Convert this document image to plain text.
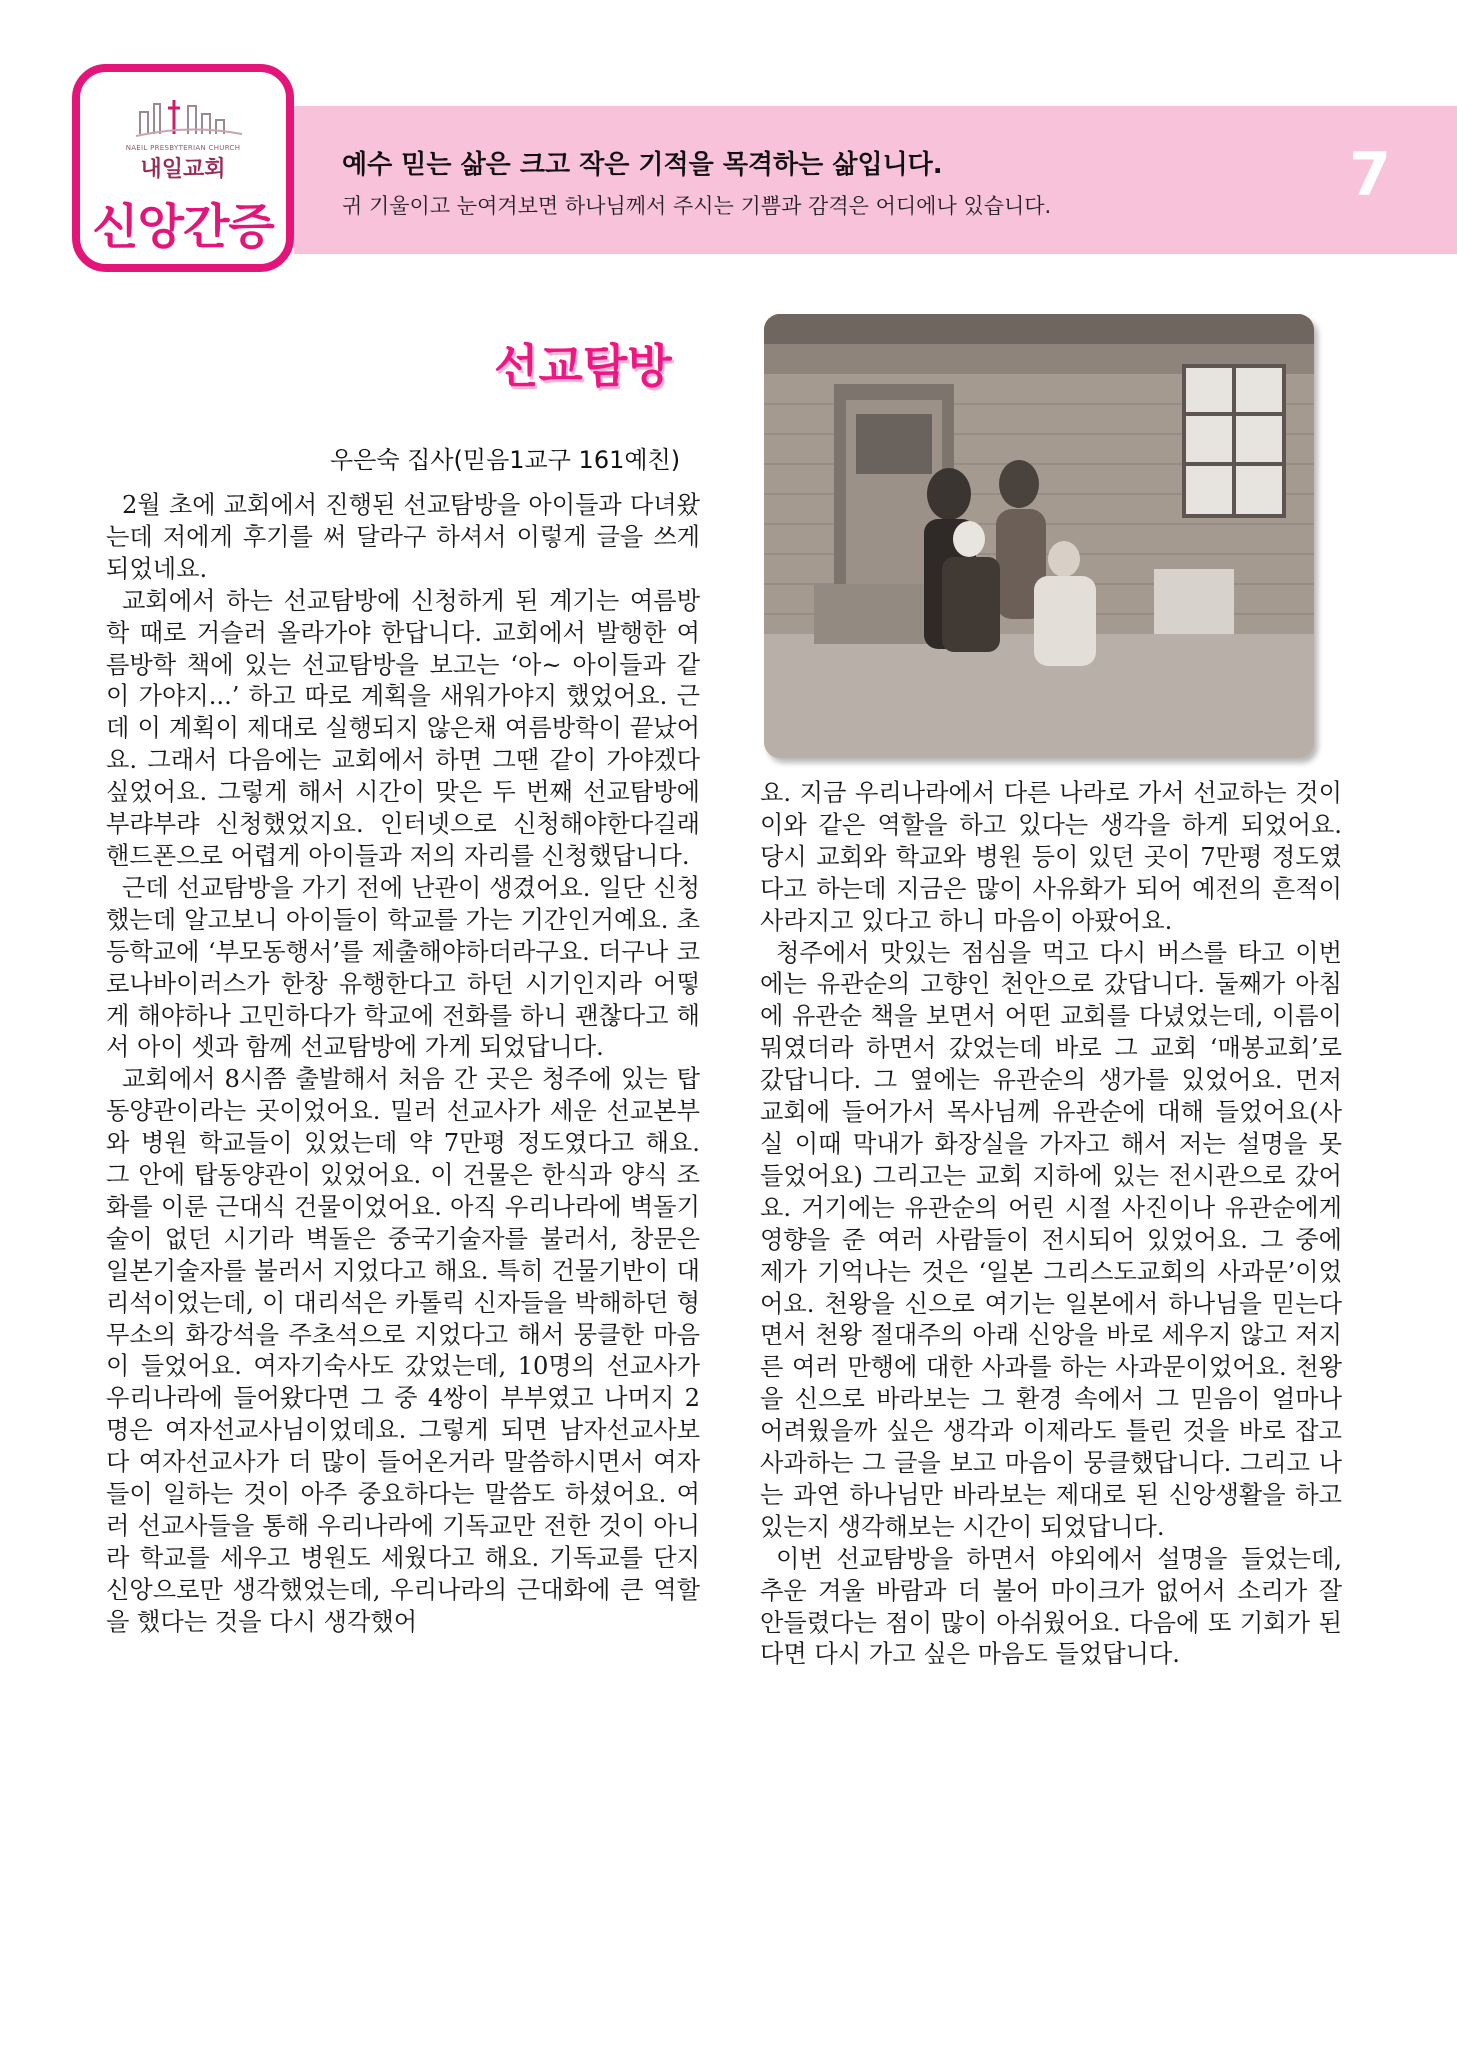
NAEIL PRESBYTERIAN CHURCH
내일교회
신앙간증
예수 믿는 삶은 크고 작은 기적을 목격하는 삶입니다.
귀 기울이고 눈여겨보면 하나님께서 주시는 기쁨과 감격은 어디에나 있습니다.	7
선교탐방
우은숙 집사(믿음1교구 161예친)

2월 초에 교회에서 진행된 선교탐방을 아이들과 다녀왔는데 저에게 후기를 써 달라구 하셔서 이렇게 글을 쓰게 되었네요.

교회에서 하는 선교탐방에 신청하게 된 계기는 여름방학 때로 거슬러 올라가야 한답니다. 교회에서 발행한 여름방학 책에 있는 선교탐방을 보고는 ‘아~ 아이들과 같이 가야지...’ 하고 따로 계획을 새워가야지 했었어요. 근데 이 계획이 제대로 실행되지 않은채 여름방학이 끝났어요. 그래서 다음에는 교회에서 하면 그땐 같이 가야겠다 싶었어요. 그렇게 해서 시간이 맞은 두 번째 선교탐방에 부랴부랴 신청했었지요. 인터넷으로 신청해야한다길래 핸드폰으로 어렵게 아이들과 저의 자리를 신청했답니다.

근데 선교탐방을 가기 전에 난관이 생겼어요. 일단 신청했는데 알고보니 아이들이 학교를 가는 기간인거예요. 초등학교에 ‘부모동행서’를 제출해야하더라구요. 더구나 코로나바이러스가 한창 유행한다고 하던 시기인지라 어떻게 해야하나 고민하다가 학교에 전화를 하니 괜찮다고 해서 아이 셋과 함께 선교탐방에 가게 되었답니다.

교회에서 8시쯤 출발해서 처음 간 곳은 청주에 있는 탑동양관이라는 곳이었어요. 밀러 선교사가 세운 선교본부와 병원 학교들이 있었는데 약 7만평 정도였다고 해요. 그 안에 탑동양관이 있었어요. 이 건물은 한식과 양식 조화를 이룬 근대식 건물이었어요. 아직 우리나라에 벽돌기술이 없던 시기라 벽돌은 중국기술자를 불러서, 창문은 일본기술자를 불러서 지었다고 해요. 특히 건물기반이 대리석이었는데, 이 대리석은 카톨릭 신자들을 박해하던 형무소의 화강석을 주초석으로 지었다고 해서 뭉클한 마음이 들었어요. 여자기숙사도 갔었는데, 10명의 선교사가 우리나라에 들어왔다면 그 중 4쌍이 부부였고 나머지 2명은 여자선교사님이었데요. 그렇게 되면 남자선교사보다 여자선교사가 더 많이 들어온거라 말씀하시면서 여자들이 일하는 것이 아주 중요하다는 말씀도 하셨어요. 여러 선교사들을 통해 우리나라에 기독교만 전한 것이 아니라 학교를 세우고 병원도 세웠다고 해요. 기독교를 단지 신앙으로만 생각했었는데, 우리나라의 근대화에 큰 역할을 했다는 것을 다시 생각했어

요. 지금 우리나라에서 다른 나라로 가서 선교하는 것이 이와 같은 역할을 하고 있다는 생각을 하게 되었어요. 당시 교회와 학교와 병원 등이 있던 곳이 7만평 정도였다고 하는데 지금은 많이 사유화가 되어 예전의 흔적이 사라지고 있다고 하니 마음이 아팠어요.

청주에서 맛있는 점심을 먹고 다시 버스를 타고 이번에는 유관순의 고향인 천안으로 갔답니다. 둘째가 아침에 유관순 책을 보면서 어떤 교회를 다녔었는데, 이름이 뭐였더라 하면서 갔었는데 바로 그 교회 ‘매봉교회’로 갔답니다. 그 옆에는 유관순의 생가를 있었어요. 먼저 교회에 들어가서 목사님께 유관순에 대해 들었어요(사실 이때 막내가 화장실을 가자고 해서 저는 설명을 못 들었어요) 그리고는 교회 지하에 있는 전시관으로 갔어요. 거기에는 유관순의 어린 시절 사진이나 유관순에게 영향을 준 여러 사람들이 전시되어 있었어요. 그 중에 제가 기억나는 것은 ‘일본 그리스도교회의 사과문’이었어요. 천왕을 신으로 여기는 일본에서 하나님을 믿는다면서 천왕 절대주의 아래 신앙을 바로 세우지 않고 저지른 여러 만행에 대한 사과를 하는 사과문이었어요. 천왕을 신으로 바라보는 그 환경 속에서 그 믿음이 얼마나 어려웠을까 싶은 생각과 이제라도 틀린 것을 바로 잡고 사과하는 그 글을 보고 마음이 뭉클했답니다. 그리고 나는 과연 하나님만 바라보는 제대로 된 신앙생활을 하고 있는지 생각해보는 시간이 되었답니다.

이번 선교탐방을 하면서 야외에서 설명을 들었는데, 추운 겨울 바람과 더 불어 마이크가 없어서 소리가 잘 안들렸다는 점이 많이 아쉬웠어요. 다음에 또 기회가 된다면 다시 가고 싶은 마음도 들었답니다.
